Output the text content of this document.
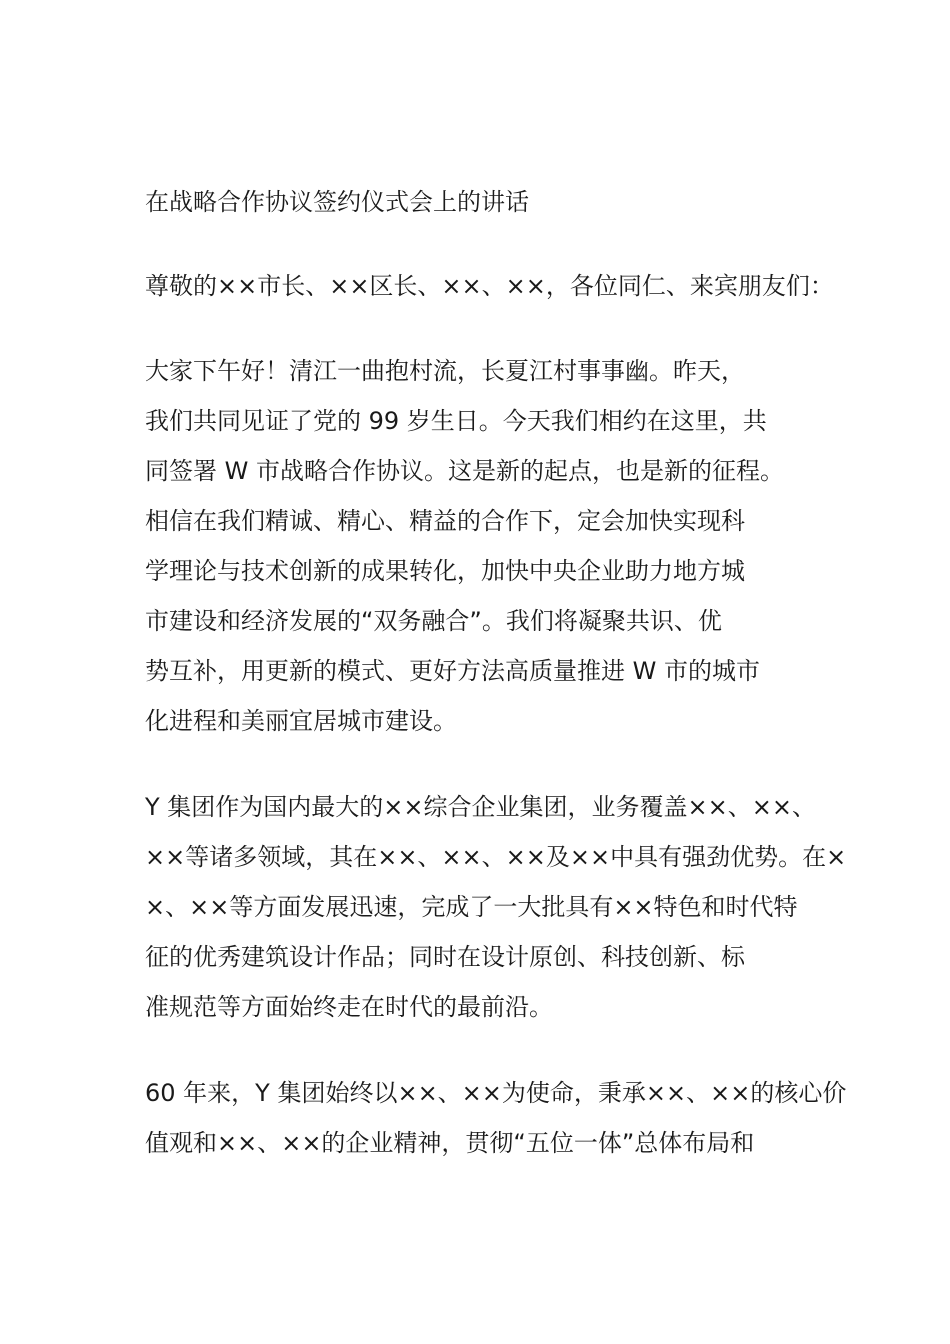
在战略合作协议签约仪式会上的讲话

尊敬的××市长、××区长、××、××，各位同仁、来宾朋友们：

大家下午好！清江一曲抱村流，长夏江村事事幽。昨天，
我们共同见证了党的 99 岁生日。今天我们相约在这里，共
同签署 W 市战略合作协议。这是新的起点，也是新的征程。
相信在我们精诚、精心、精益的合作下，定会加快实现科
学理论与技术创新的成果转化，加快中央企业助力地方城
市建设和经济发展的“双务融合”。我们将凝聚共识、优
势互补，用更新的模式、更好方法高质量推进 W 市的城市
化进程和美丽宜居城市建设。

Y 集团作为国内最大的××综合企业集团，业务覆盖××、××、
××等诸多领域，其在××、××、××及××中具有强劲优势。在×
×、××等方面发展迅速，完成了一大批具有××特色和时代特
征的优秀建筑设计作品；同时在设计原创、科技创新、标
准规范等方面始终走在时代的最前沿。

60 年来，Y 集团始终以××、××为使命，秉承××、××的核心价
值观和××、××的企业精神，贯彻“五位一体”总体布局和
